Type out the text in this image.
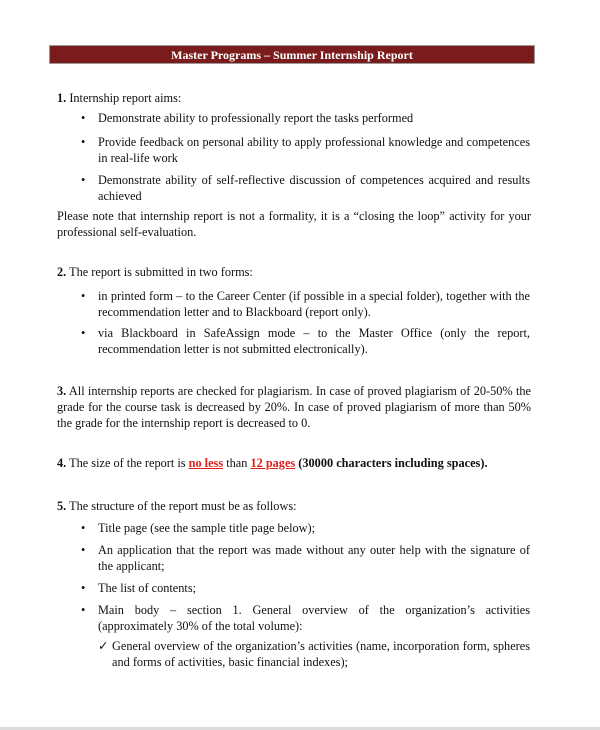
Master Programs – Summer Internship Report
1. Internship report aims:
• Demonstrate ability to professionally report the tasks performed
• Provide feedback on personal ability to apply professional knowledge and competences in real-life work
• Demonstrate ability of self-reflective discussion of competences acquired and results achieved
Please note that internship report is not a formality, it is a “closing the loop” activity for your professional self-evaluation.
2. The report is submitted in two forms:
• in printed form – to the Career Center (if possible in a special folder), together with the recommendation letter and to Blackboard (report only).
• via Blackboard in SafeAssign mode – to the Master Office (only the report, recommendation letter is not submitted electronically).
3. All internship reports are checked for plagiarism. In case of proved plagiarism of 20-50% the grade for the course task is decreased by 20%. In case of proved plagiarism of more than 50% the grade for the internship report is decreased to 0.
4. The size of the report is no less than 12 pages (30000 characters including spaces).
5. The structure of the report must be as follows:
• Title page (see the sample title page below);
• An application that the report was made without any outer help with the signature of the applicant;
• The list of contents;
• Main body – section 1. General overview of the organization’s activities (approximately 30% of the total volume):
✓ General overview of the organization’s activities (name, incorporation form, spheres and forms of activities, basic financial indexes);
